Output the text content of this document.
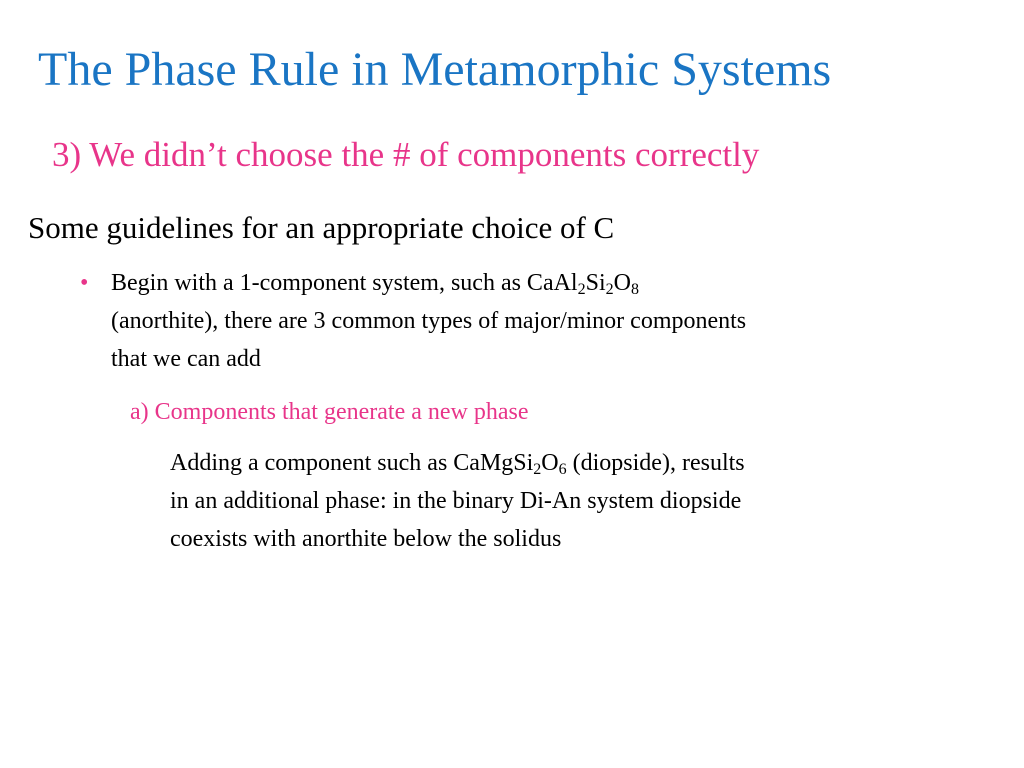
The Phase Rule in Metamorphic Systems
3) We didn’t choose the # of components correctly
Some guidelines for an appropriate choice of C
• Begin with a 1-component system, such as $CaAl_2Si_2O_8$
(anorthite), there are 3 common types of major/minor components
that we can add
a) Components that generate a new phase
Adding a component such as $CaMgSi_2O_6$ (diopside), results
in an additional phase: in the binary Di-An system diopside
coexists with anorthite below the solidus
